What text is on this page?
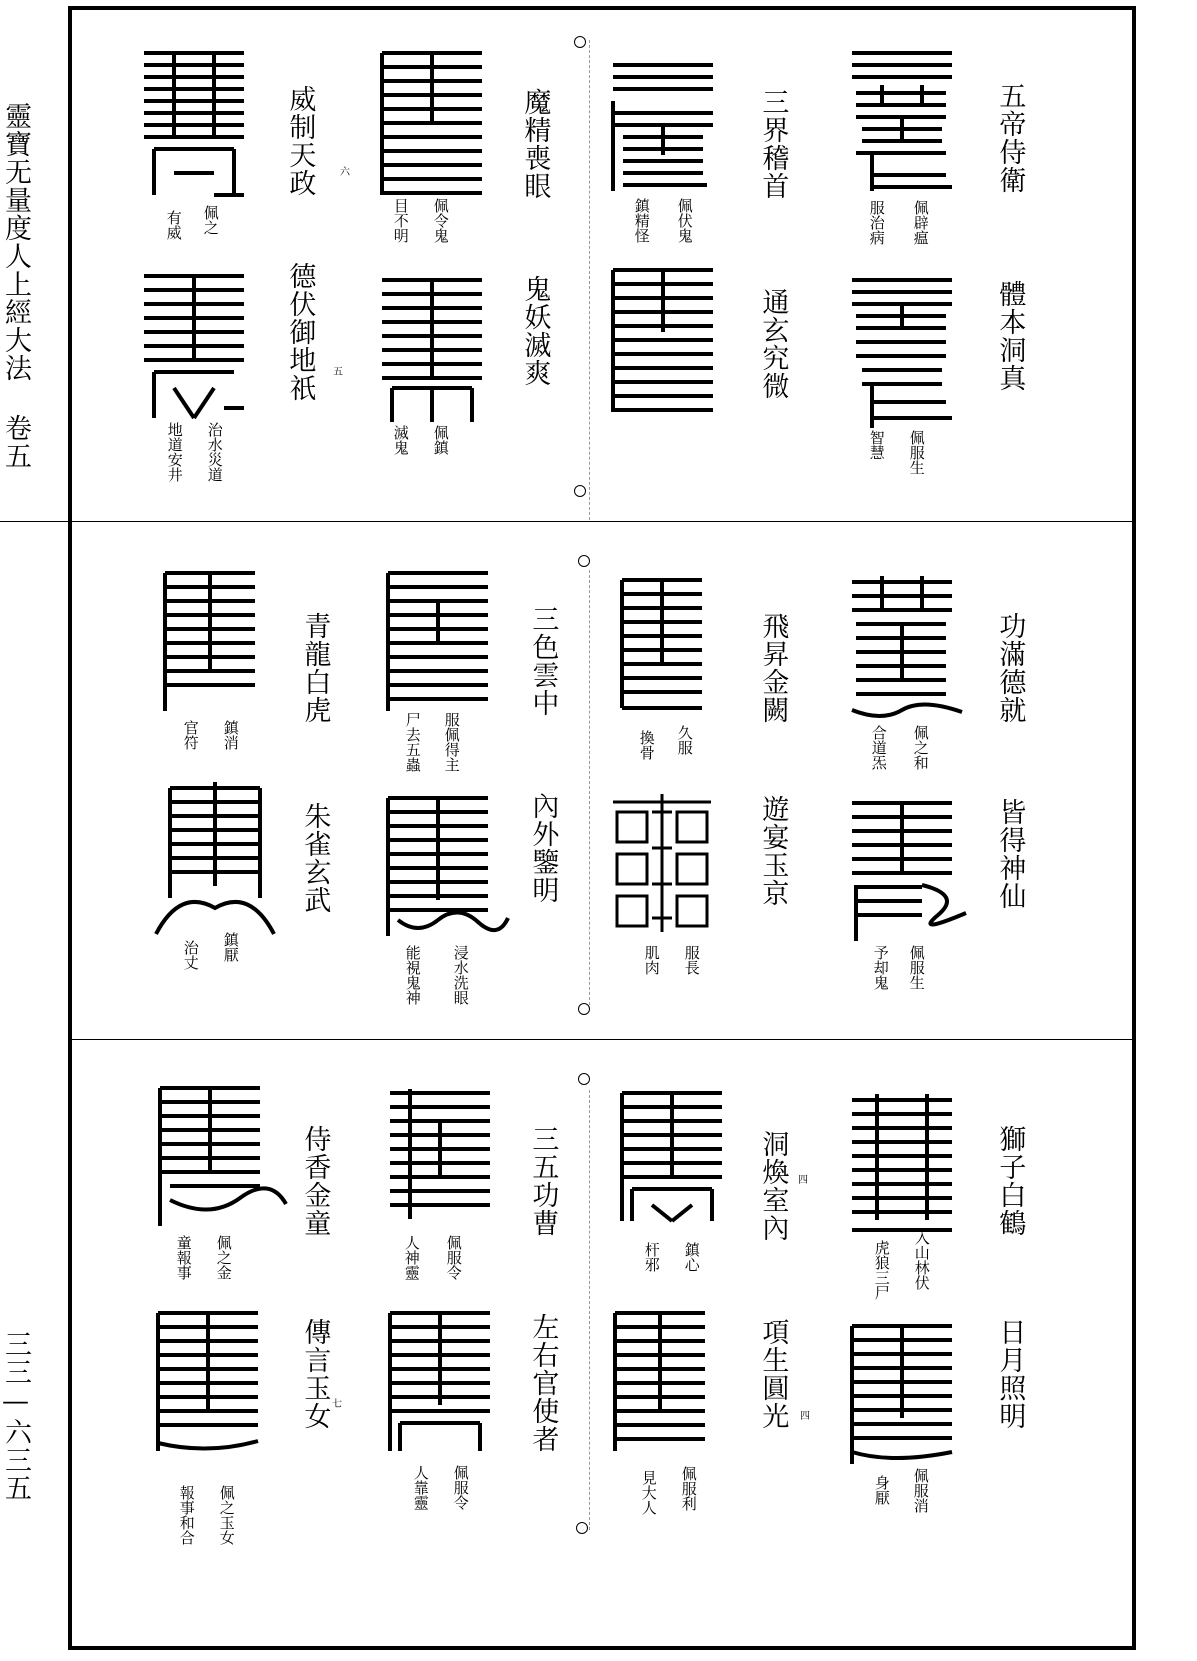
靈寶无量度人上經大法 卷五
三三—六三五
五帝侍衛
體本洞真
三界稽首
通玄究微
魔精喪眼
鬼妖滅爽
威制天政
德伏御地祇
佩辟瘟
服治病
佩服生
智慧
佩伏鬼
鎮精怪
佩令鬼
目不明
佩鎮
滅鬼
佩之
有威
治水災道
地道安井
六
五
功滿德就
皆得神仙
飛昇金闕
遊宴玉京
三色雲中
內外鑒明
青龍白虎
朱雀玄武
佩之和
合道炁
佩服生
予却鬼
久服
換骨
服長
肌肉
服佩得主
尸去五蟲
浸水洗眼
能視鬼神
鎮消
官符
鎮厭
治丈
獅子白鶴
日月照明
洞煥室內
項生圓光
三五功曹
左右官使者
侍香金童
傳言玉女
入山林伏
虎狼三尸
佩服消
身厭
鎮心
杆邪
佩服利
見大人
佩服令
人神靈
佩服令
人靠靈
佩之金
童報事
佩之玉女
報事和合
七
四
四
